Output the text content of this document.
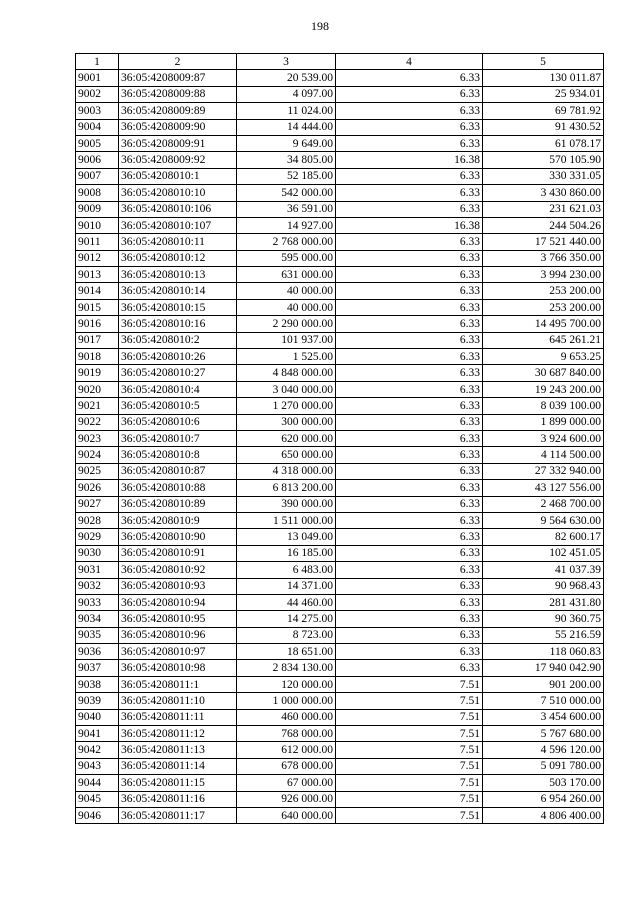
198
1	2	3	4	5
9001	36:05:4208009:87	20 539.00	6.33	130 011.87
9002	36:05:4208009:88	4 097.00	6.33	25 934.01
9003	36:05:4208009:89	11 024.00	6.33	69 781.92
9004	36:05:4208009:90	14 444.00	6.33	91 430.52
9005	36:05:4208009:91	9 649.00	6.33	61 078.17
9006	36:05:4208009:92	34 805.00	16.38	570 105.90
9007	36:05:4208010:1	52 185.00	6.33	330 331.05
9008	36:05:4208010:10	542 000.00	6.33	3 430 860.00
9009	36:05:4208010:106	36 591.00	6.33	231 621.03
9010	36:05:4208010:107	14 927.00	16.38	244 504.26
9011	36:05:4208010:11	2 768 000.00	6.33	17 521 440.00
9012	36:05:4208010:12	595 000.00	6.33	3 766 350.00
9013	36:05:4208010:13	631 000.00	6.33	3 994 230.00
9014	36:05:4208010:14	40 000.00	6.33	253 200.00
9015	36:05:4208010:15	40 000.00	6.33	253 200.00
9016	36:05:4208010:16	2 290 000.00	6.33	14 495 700.00
9017	36:05:4208010:2	101 937.00	6.33	645 261.21
9018	36:05:4208010:26	1 525.00	6.33	9 653.25
9019	36:05:4208010:27	4 848 000.00	6.33	30 687 840.00
9020	36:05:4208010:4	3 040 000.00	6.33	19 243 200.00
9021	36:05:4208010:5	1 270 000.00	6.33	8 039 100.00
9022	36:05:4208010:6	300 000.00	6.33	1 899 000.00
9023	36:05:4208010:7	620 000.00	6.33	3 924 600.00
9024	36:05:4208010:8	650 000.00	6.33	4 114 500.00
9025	36:05:4208010:87	4 318 000.00	6.33	27 332 940.00
9026	36:05:4208010:88	6 813 200.00	6.33	43 127 556.00
9027	36:05:4208010:89	390 000.00	6.33	2 468 700.00
9028	36:05:4208010:9	1 511 000.00	6.33	9 564 630.00
9029	36:05:4208010:90	13 049.00	6.33	82 600.17
9030	36:05:4208010:91	16 185.00	6.33	102 451.05
9031	36:05:4208010:92	6 483.00	6.33	41 037.39
9032	36:05:4208010:93	14 371.00	6.33	90 968.43
9033	36:05:4208010:94	44 460.00	6.33	281 431.80
9034	36:05:4208010:95	14 275.00	6.33	90 360.75
9035	36:05:4208010:96	8 723.00	6.33	55 216.59
9036	36:05:4208010:97	18 651.00	6.33	118 060.83
9037	36:05:4208010:98	2 834 130.00	6.33	17 940 042.90
9038	36:05:4208011:1	120 000.00	7.51	901 200.00
9039	36:05:4208011:10	1 000 000.00	7.51	7 510 000.00
9040	36:05:4208011:11	460 000.00	7.51	3 454 600.00
9041	36:05:4208011:12	768 000.00	7.51	5 767 680.00
9042	36:05:4208011:13	612 000.00	7.51	4 596 120.00
9043	36:05:4208011:14	678 000.00	7.51	5 091 780.00
9044	36:05:4208011:15	67 000.00	7.51	503 170.00
9045	36:05:4208011:16	926 000.00	7.51	6 954 260.00
9046	36:05:4208011:17	640 000.00	7.51	4 806 400.00
